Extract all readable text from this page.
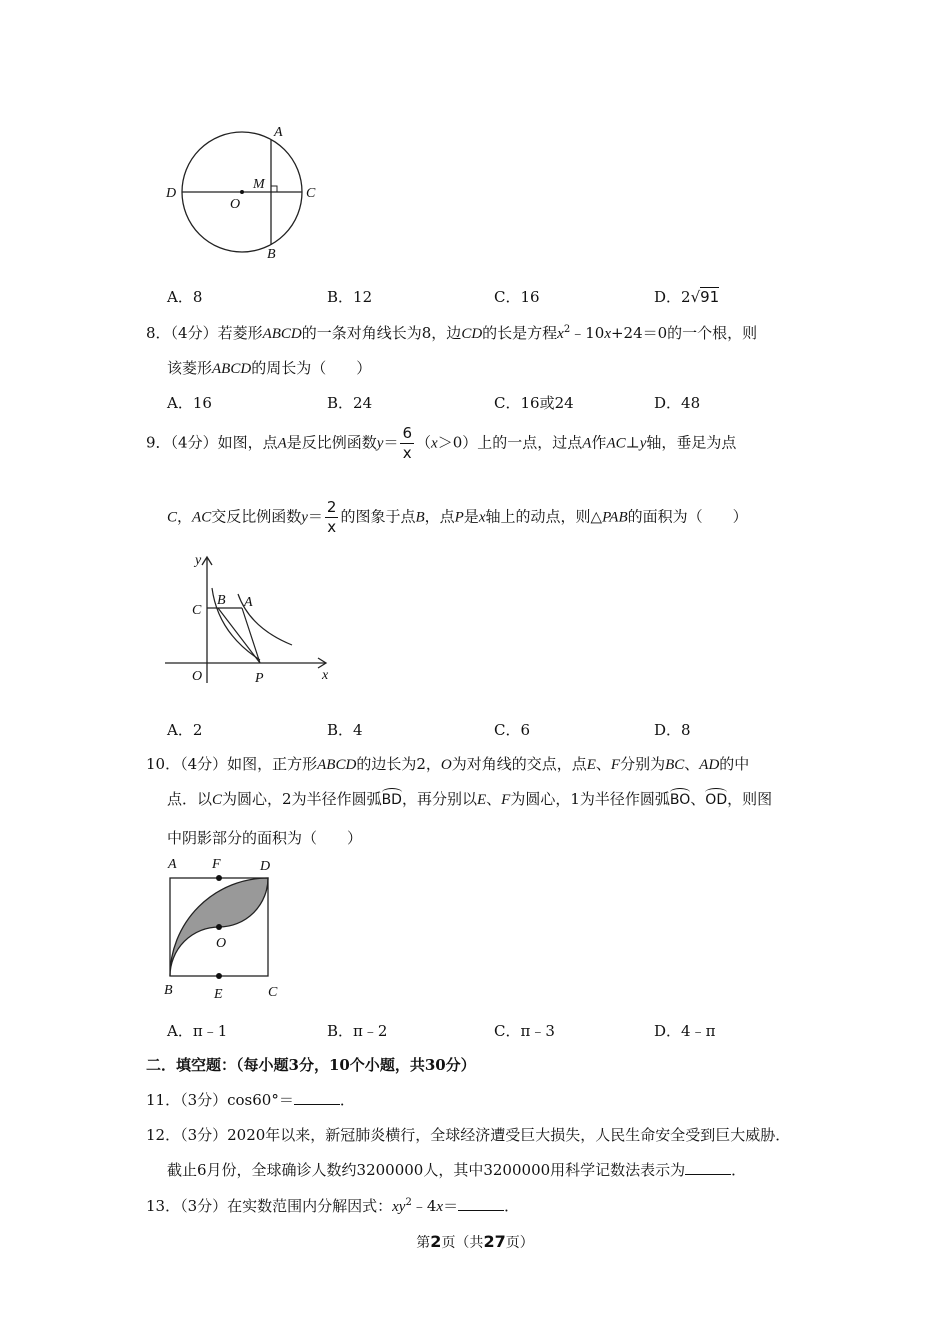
A
D	C
O
M
B
A．8	B．12	C．16	D．2√91
8．（4分）若菱形ABCD的一条对角线长为8，边CD的长是方程$x^2﹣10x+24=0$的一个根，则
该菱形ABCD的周长为（　　）
A．16	B．24	C．16或24	D．48
9．（4分）如图，点A是反比例函数$y= \frac{6}{x} (x>0)$上的一点，过点A作AC⊥y轴，垂足为点
C，AC交反比例函数$y= \frac{2}{x}$ 的图象于点B，点P是x轴上的动点，则△PAB的面积为（　　）
y
x
C
B A
O	P
A．2	B．4	C．6	D．8
10．（4分）如图，正方形ABCD的边长为2，O为对角线的交点，点E、F分别为BC、AD的中
点．以C为圆心，2为半径作圆弧BD，再分别以E、F为圆心，1为半径作圆弧BO、OD，则图
中阴影部分的面积为（　　）
A	F	D
O
B	E	C
A．π﹣1	B．π﹣2	C．π﹣3	D．4﹣π
二．填空题：（每小题3分，10个小题，共30分）
11．（3分）cos60°＝	．
12．（3分）2020年以来，新冠肺炎横行，全球经济遭受巨大损失，人民生命安全受到巨大威胁．
截止6月份，全球确诊人数约3200000人，其中3200000用科学记数法表示为	．
13．（3分）在实数范围内分解因式：$xy^2﹣4x=$	．
第2页（共27页）
